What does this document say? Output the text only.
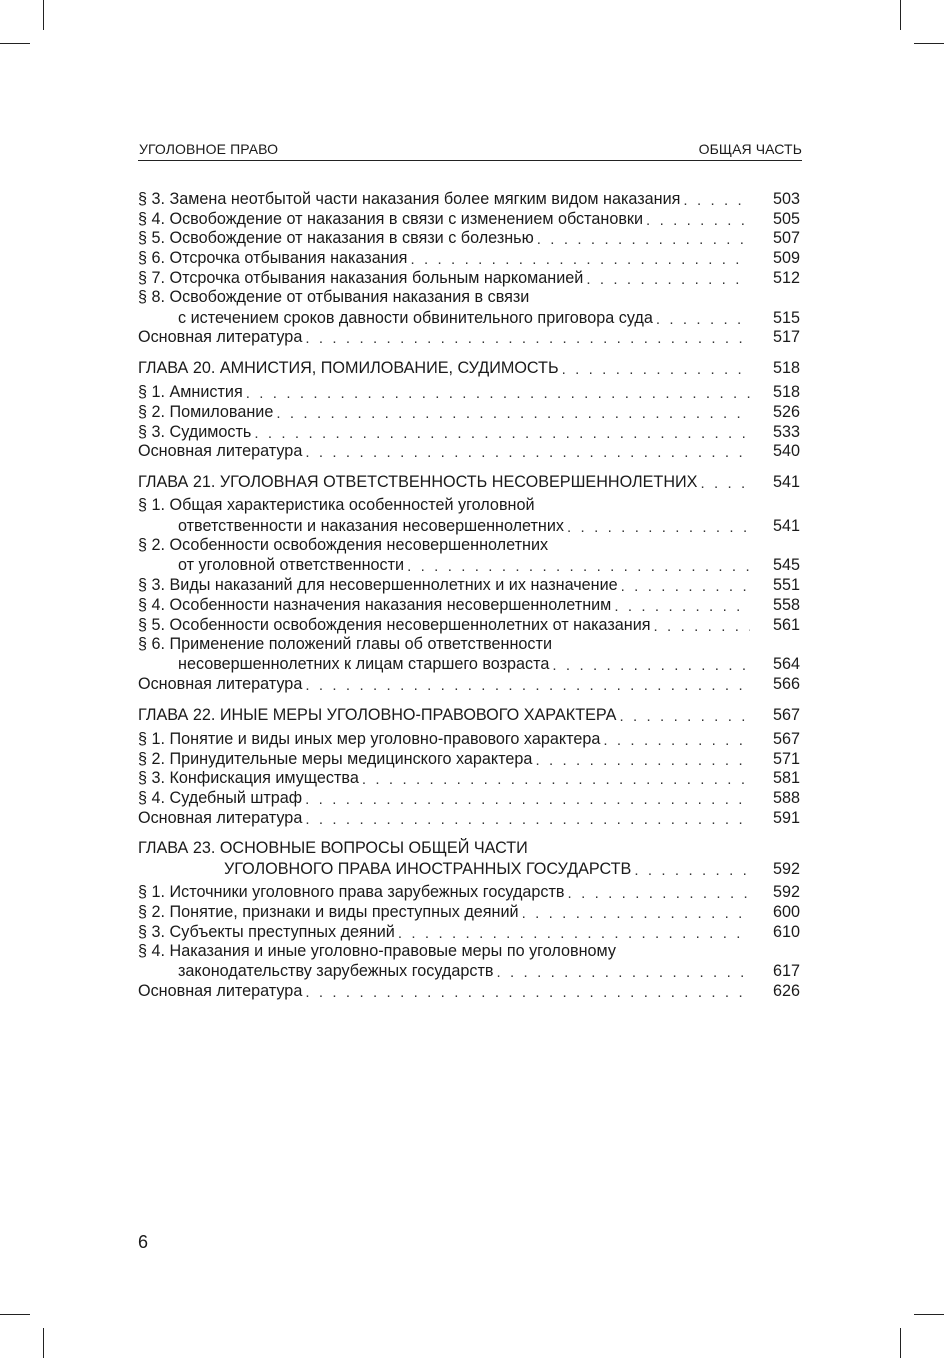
УГОЛОВНОЕ ПРАВО	ОБЩАЯ ЧАСТЬ
§ 3. Замена неотбытой части наказания более мягким видом наказания . . .	503
§ 4. Освобождение от наказания в связи с изменением обстановки . . .	505
§ 5. Освобождение от наказания в связи с болезнью . . .	507
§ 6. Отсрочка отбывания наказания . . .	509
§ 7. Отсрочка отбывания наказания больным наркоманией . . .	512
§ 8. Освобождение от отбывания наказания в связи
с истечением сроков давности обвинительного приговора суда . . .	515
Основная литература . . .	517
ГЛАВА 20. АМНИСТИЯ, ПОМИЛОВАНИЕ, СУДИМОСТЬ . . .	518
§ 1. Амнистия . . .	518
§ 2. Помилование . . .	526
§ 3. Судимость . . .	533
Основная литература . . .	540
ГЛАВА 21. УГОЛОВНАЯ ОТВЕТСТВЕННОСТЬ НЕСОВЕРШЕННОЛЕТНИХ . . .	541
§ 1. Общая характеристика особенностей уголовной
ответственности и наказания несовершеннолетних . . .	541
§ 2. Особенности освобождения несовершеннолетних
от уголовной ответственности . . .	545
§ 3. Виды наказаний для несовершеннолетних и их назначение . . .	551
§ 4. Особенности назначения наказания несовершеннолетним . . .	558
§ 5. Особенности освобождения несовершеннолетних от наказания . . .	561
§ 6. Применение положений главы об ответственности
несовершеннолетних к лицам старшего возраста . . .	564
Основная литература . . .	566
ГЛАВА 22. ИНЫЕ МЕРЫ УГОЛОВНО-ПРАВОВОГО ХАРАКТЕРА . . .	567
§ 1. Понятие и виды иных мер уголовно-правового характера . . .	567
§ 2. Принудительные меры медицинского характера . . .	571
§ 3. Конфискация имущества . . .	581
§ 4. Судебный штраф . . .	588
Основная литература . . .	591
ГЛАВА 23. ОСНОВНЫЕ ВОПРОСЫ ОБЩЕЙ ЧАСТИ
УГОЛОВНОГО ПРАВА ИНОСТРАННЫХ ГОСУДАРСТВ . . .	592
§ 1. Источники уголовного права зарубежных государств . . .	592
§ 2. Понятие, признаки и виды преступных деяний . . .	600
§ 3. Субъекты преступных деяний . . .	610
§ 4. Наказания и иные уголовно-правовые меры по уголовному
законодательству зарубежных государств . . .	617
Основная литература . . .	626
6
